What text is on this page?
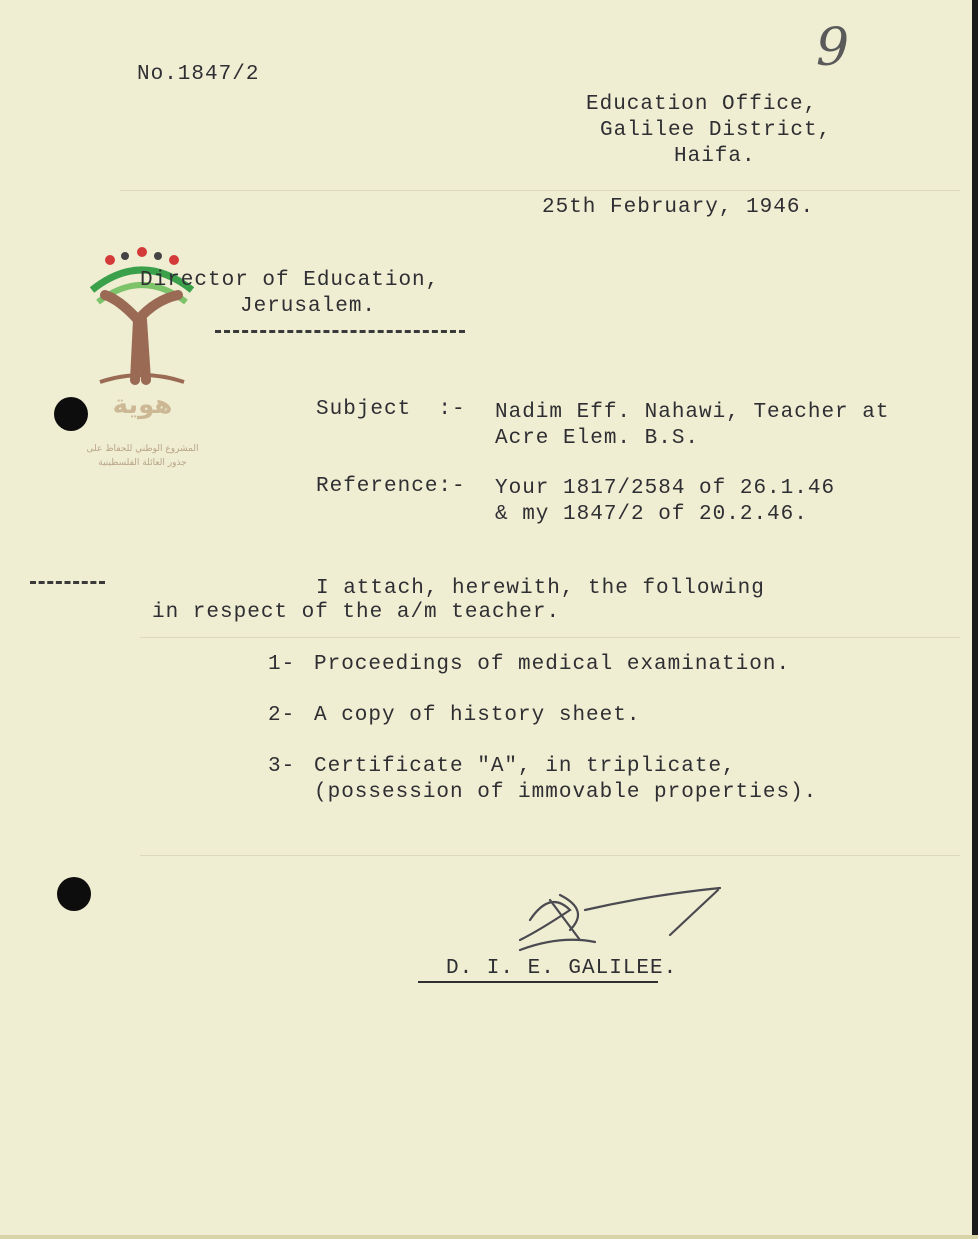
9
No.1847/2
Education Office,
Galilee District,
Haifa.
25th February, 1946.
هوية
المشروع الوطني للحفاظ على
جذور العائلة الفلسطينية
Director of Education,
Jerusalem.
Subject  :- Nadim Eff. Nahawi, Teacher at
Acre Elem. B.S.
Reference:- Your 1817/2584 of 26.1.46
& my 1847/2 of 20.2.46.
I attach, herewith, the following
in respect of the a/m teacher.
1- Proceedings of medical examination.
2- A copy of history sheet.
3- Certificate "A", in triplicate,
(possession of immovable properties).
D. I. E. GALILEE.
